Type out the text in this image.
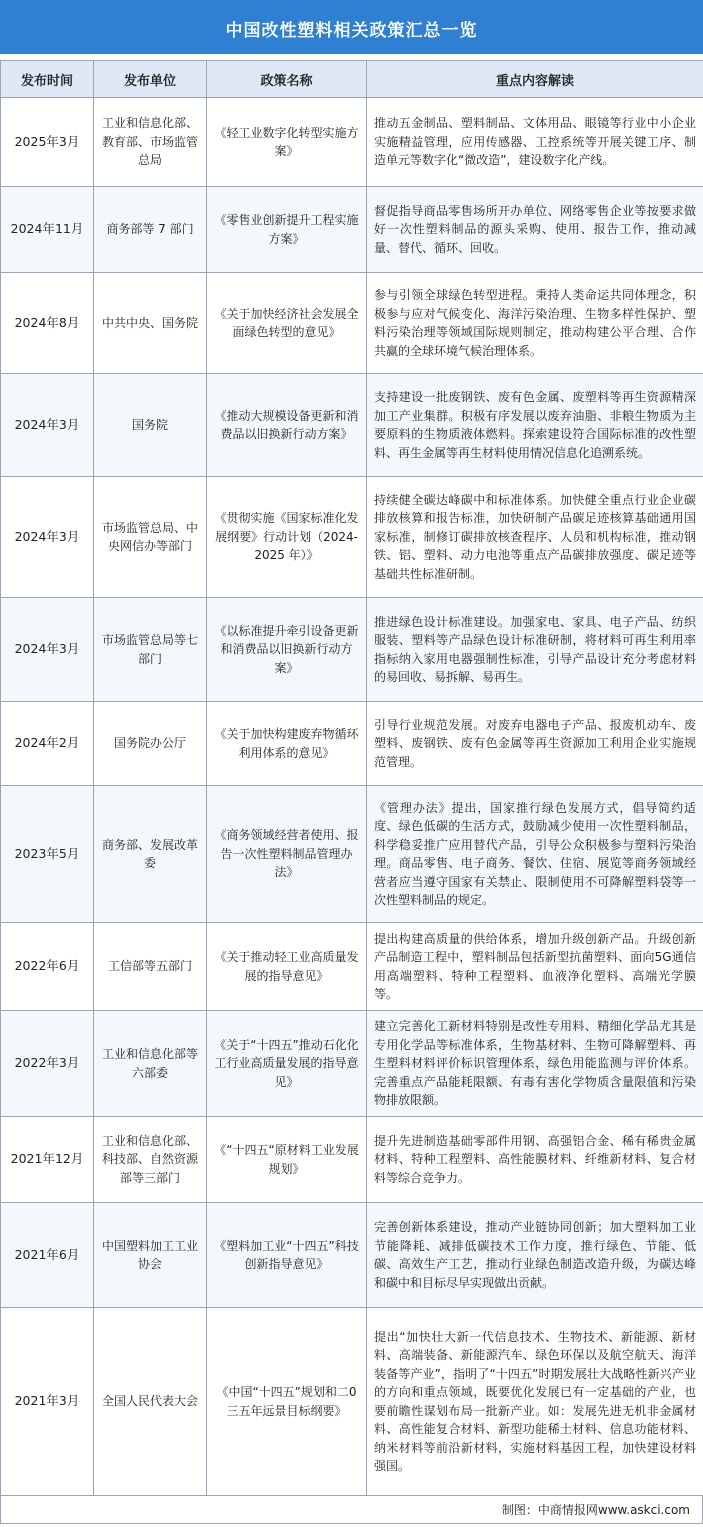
中国改性塑料相关政策汇总一览
发布时间	发布单位	政策名称	重点内容解读
2025年3月	工业和信息化部、教育部、市场监管总局	《轻工业数字化转型实施方案》	推动五金制品、塑料制品、文体用品、眼镜等行业中小企业实施精益管理，应用传感器、工控系统等开展关键工序、制造单元等数字化“微改造”，建设数字化产线。
2024年11月	商务部等 7 部门	《零售业创新提升工程实施方案》	督促指导商品零售场所开办单位、网络零售企业等按要求做好一次性塑料制品的源头采购、使用、报告工作，推动减量、替代、循环、回收。
2024年8月	中共中央、国务院	《关于加快经济社会发展全面绿色转型的意见》	参与引领全球绿色转型进程。秉持人类命运共同体理念，积极参与应对气候变化、海洋污染治理、生物多样性保护、塑料污染治理等领域国际规则制定，推动构建公平合理、合作共赢的全球环境气候治理体系。
2024年3月	国务院	《推动大规模设备更新和消费品以旧换新行动方案》	支持建设一批废钢铁、废有色金属、废塑料等再生资源精深加工产业集群。积极有序发展以废弃油脂、非粮生物质为主要原料的生物质液体燃料。探索建设符合国际标准的改性塑料、再生金属等再生材料使用情况信息化追溯系统。
2024年3月	市场监管总局、中央网信办等部门	《贯彻实施《国家标准化发展纲要》行动计划（2024-2025 年）》	持续健全碳达峰碳中和标准体系。加快健全重点行业企业碳排放核算和报告标准，加快研制产品碳足迹核算基础通用国家标准，制修订碳排放核查程序、人员和机构标准，推动钢铁、铝、塑料、动力电池等重点产品碳排放强度、碳足迹等基础共性标准研制。
2024年3月	市场监管总局等七部门	《以标准提升牵引设备更新和消费品以旧换新行动方案》	推进绿色设计标准建设。加强家电、家具、电子产品、纺织服装、塑料等产品绿色设计标准研制，将材料可再生利用率指标纳入家用电器强制性标准，引导产品设计充分考虑材料的易回收、易拆解、易再生。
2024年2月	国务院办公厅	《关于加快构建废弃物循环利用体系的意见》	引导行业规范发展。对废弃电器电子产品、报废机动车、废塑料、废钢铁、废有色金属等再生资源加工利用企业实施规范管理。
2023年5月	商务部、发展改革委	《商务领域经营者使用、报告一次性塑料制品管理办法》	《管理办法》提出，国家推行绿色发展方式，倡导简约适度、绿色低碳的生活方式，鼓励减少使用一次性塑料制品，科学稳妥推广应用替代产品，引导公众积极参与塑料污染治理。商品零售、电子商务、餐饮、住宿、展览等商务领域经营者应当遵守国家有关禁止、限制使用不可降解塑料袋等一次性塑料制品的规定。
2022年6月	工信部等五部门	《关于推动轻工业高质量发展的指导意见》	提出构建高质量的供给体系，增加升级创新产品。升级创新产品制造工程中，塑料制品包括新型抗菌塑料、面向5G通信用高端塑料、特种工程塑料、血液净化塑料、高端光学膜等。
2022年3月	工业和信息化部等六部委	《关于“十四五”推动石化化工行业高质量发展的指导意见》	建立完善化工新材料特别是改性专用料、精细化学品尤其是专用化学品等标准体系，生物基材料、生物可降解塑料、再生塑料材料评价标识管理体系，绿色用能监测与评价体系。完善重点产品能耗限额、有毒有害化学物质含量限值和污染物排放限额。
2021年12月	工业和信息化部、科技部、自然资源部等三部门	《“十四五“原材料工业发展规划》	提升先进制造基础零部件用钢、高强铝合金、稀有稀贵金属材料、特种工程塑料、高性能膜材料、纤维新材料、复合材料等综合竞争力。
2021年6月	中国塑料加工工业协会	《塑料加工业“十四五”科技创新指导意见》	完善创新体系建设，推动产业链协同创新；加大塑料加工业节能降耗、减排低碳技术工作力度，推行绿色、节能、低碳、高效生产工艺，推动行业绿色制造改造升级，为碳达峰和碳中和目标尽早实现做出贡献。
2021年3月	全国人民代表大会	《中国“十四五”规划和二0三五年远景目标纲要》	提出“加快壮大新一代信息技术、生物技术、新能源、新材料、高端装备、新能源汽车、绿色环保以及航空航天、海洋装备等产业”，指明了“十四五”时期发展壮大战略性新兴产业的方向和重点领域，既要优化发展已有一定基础的产业，也要前瞻性谋划布局一批新产业。如：发展先进无机非金属材料、高性能复合材料、新型功能稀土材料、信息功能材料、纳米材料等前沿新材料，实施材料基因工程，加快建设材料强国。
制图：中商情报网www.askci.com
